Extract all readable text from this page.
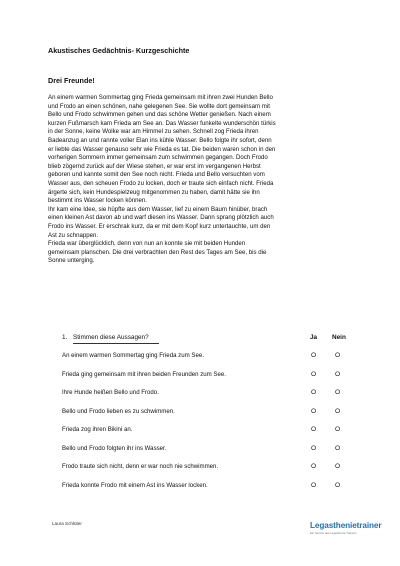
Akustisches Gedächtnis- Kurzgeschichte
Drei Freunde!
An einem warmen Sommertag ging Frieda gemeinsam mit ihren zwei Hunden Bello
und Frodo an einen schönen, nahe gelegenen See. Sie wollte dort gemeinsam mit
Bello und Frodo schwimmen gehen und das schöne Wetter genießen. Nach einem
kurzen Fußmarsch kam Frieda am See an. Das Wasser funkelte wunderschön türkis
in der Sonne, keine Wolke war am Himmel zu sehen. Schnell zog Frieda ihren
Badeanzug an und rannte voller Elan ins kühle Wasser. Bello folgte ihr sofort, denn
er liebte das Wasser genauso sehr wie Frieda es tat. Die beiden waren schon in den
vorherigen Sommern immer gemeinsam zum schwimmen gegangen. Doch Frodo
blieb zögernd zurück auf der Wiese stehen, er war erst im vergangenen Herbst
geboren und kannte somit den See noch nicht. Frieda und Bello versuchten vom
Wasser aus, den scheuen Frodo zu locken, doch er traute sich einfach nicht. Frieda
ärgerte sich, kein Hundespielzeug mitgenommen zu haben, damit hätte sie ihn
bestimmt ins Wasser locken können.
Ihr kam eine Idee, sie hüpfte aus dem Wasser, lief zu einem Baum hinüber, brach
einen kleinen Ast davon ab und warf diesen ins Wasser. Dann sprang plötzlich auch
Frodo ins Wasser. Er erschrak kurz, da er mit dem Kopf kurz untertauchte, um den
Ast zu schnappen.
Frieda war überglücklich, denn von nun an konnte sie mit beiden Hunden
gemeinsam planschen. Die drei verbrachten den Rest des Tages am See, bis die
Sonne unterging.
1. Stimmen diese Aussagen?	Ja Nein
An einem warmen Sommertag ging Frieda zum See.	O	O
Frieda ging gemeinsam mit ihren beiden Freunden zum See.	O	O
Ihre Hunde heißen Bello und Frodo.	O	O
Bello und Frodo lieben es zu schwimmen.	O	O
Frieda zog ihren Bikini an.	O	O
Bello und Frodo folgten ihr ins Wasser.	O	O
Frodo traute sich nicht, denn er war noch nie schwimmen.	O	O
Frieda konnte Frodo mit einem Ast ins Wasser locken.	O	O
Laura Schlüter	Legasthenietrainer
Ein Service des Legasthenie-Trainers
